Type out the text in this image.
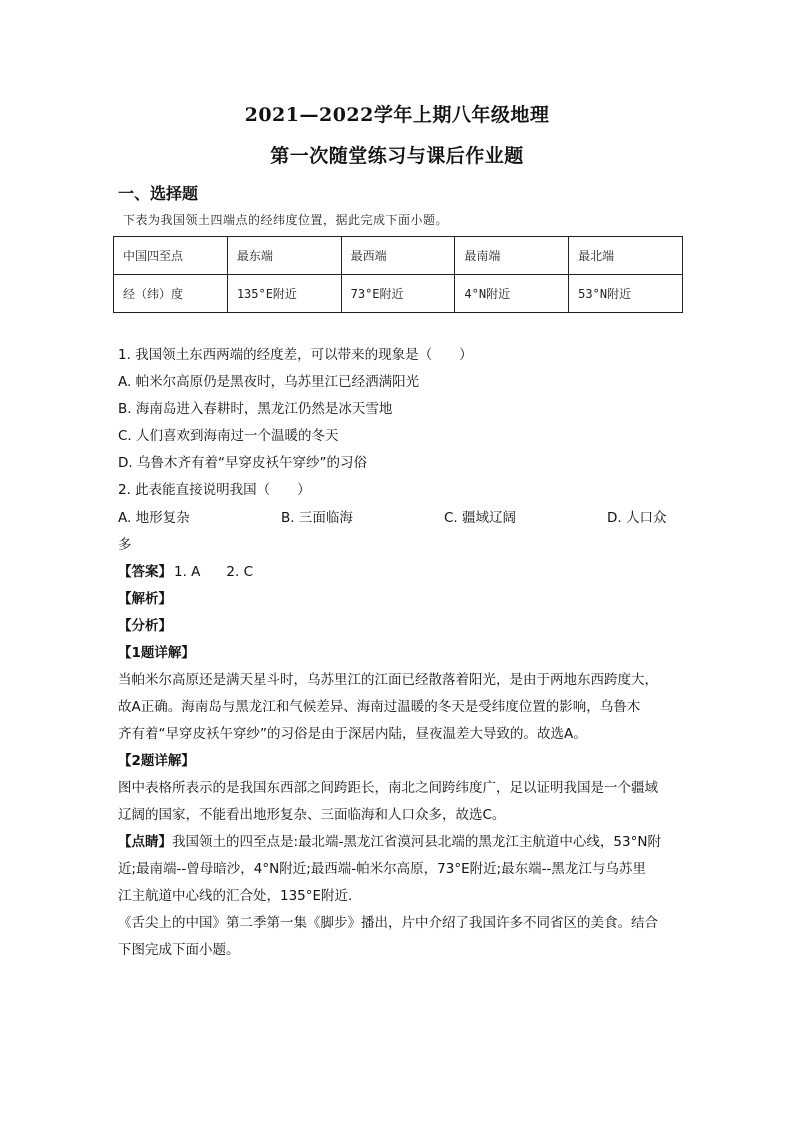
2021—2022学年上期八年级地理
第一次随堂练习与课后作业题
一、选择题
下表为我国领土四端点的经纬度位置，据此完成下面小题。
中国四至点	最东端	最西端	最南端	最北端
经（纬）度	135°E附近	73°E附近	4°N附近	53°N附近
1. 我国领土东西两端的经度差，可以带来的现象是（　　）
A. 帕米尔高原仍是黑夜时，乌苏里江已经洒满阳光
B. 海南岛进入春耕时，黑龙江仍然是冰天雪地
C. 人们喜欢到海南过一个温暖的冬天
D. 乌鲁木齐有着“早穿皮袄午穿纱”的习俗
2. 此表能直接说明我国（　　）
A. 地形复杂	B. 三面临海	C. 疆域辽阔	D. 人口众
多
【答案】 1. A 2. C
【解析】
【分析】
【1题详解】
当帕米尔高原还是满天星斗时，乌苏里江的江面已经散落着阳光，是由于两地东西跨度大，
故A正确。海南岛与黑龙江和气候差异、海南过温暖的冬天是受纬度位置的影响，乌鲁木
齐有着“早穿皮袄午穿纱”的习俗是由于深居内陆，昼夜温差大导致的。故选A。
【2题详解】
图中表格所表示的是我国东西部之间跨距长，南北之间跨纬度广，足以证明我国是一个疆域
辽阔的国家，不能看出地形复杂、三面临海和人口众多，故选C。
【点睛】我国领土的四至点是:最北端-黑龙江省漠河县北端的黑龙江主航道中心线，53°N附
近;最南端--曾母暗沙，4°N附近;最西端-帕米尔高原，73°E附近;最东端--黑龙江与乌苏里
江主航道中心线的汇合处，135°E附近.
《舌尖上的中国》第二季第一集《脚步》播出，片中介绍了我国许多不同省区的美食。结合
下图完成下面小题。
